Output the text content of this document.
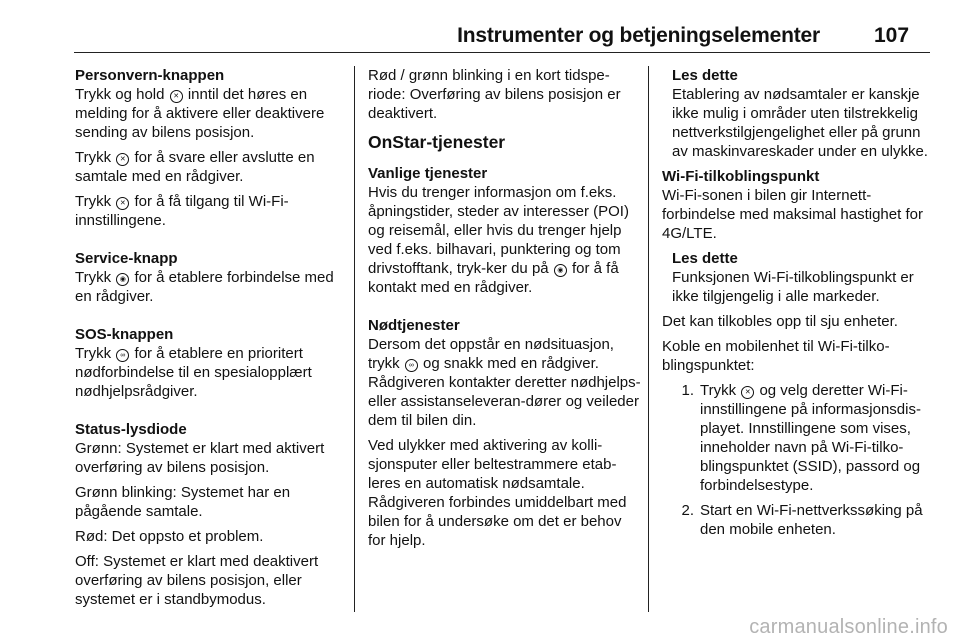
Instrumenter og betjeningselementer	107
Personvern-knappen
Trykk og hold ✕ inntil det høres en melding for å aktivere eller deaktivere sending av bilens posisjon.
Trykk ✕ for å svare eller avslutte en samtale med en rådgiver.
Trykk ✕ for å få tilgang til Wi-Fi-innstillingene.
Service-knapp
Trykk ◉ for å etablere forbindelse med en rådgiver.
SOS-knappen
Trykk ∞ for å etablere en prioritert nødforbindelse til en spesialopplært nødhjelpsrådgiver.
Status-lysdiode
Grønn: Systemet er klart med aktivert overføring av bilens posisjon.
Grønn blinking: Systemet har en pågående samtale.
Rød: Det oppsto et problem.
Off: Systemet er klart med deaktivert overføring av bilens posisjon, eller systemet er i standbymodus.
Rød / grønn blinking i en kort tidspe-riode: Overføring av bilens posisjon er deaktivert.
OnStar-tjenester
Vanlige tjenester
Hvis du trenger informasjon om f.eks. åpningstider, steder av interesser (POI) og reisemål, eller hvis du trenger hjelp ved f.eks. bilhavari, punktering og tom drivstofftank, tryk-ker du på ◉ for å få kontakt med en rådgiver.
Nødtjenester
Dersom det oppstår en nødsituasjon, trykk ∞ og snakk med en rådgiver. Rådgiveren kontakter deretter nødhjelps- eller assistanseleveran-dører og veileder dem til bilen din.
Ved ulykker med aktivering av kolli-sjonsputer eller beltestrammere etab-leres en automatisk nødsamtale. Rådgiveren forbindes umiddelbart med bilen for å undersøke om det er behov for hjelp.
Les dette
Etablering av nødsamtaler er kanskje ikke mulig i områder uten tilstrekkelig nettverkstilgjengelighet eller på grunn av maskinvareskader under en ulykke.
Wi-Fi-tilkoblingspunkt
Wi-Fi-sonen i bilen gir Internett-forbindelse med maksimal hastighet for 4G/LTE.
Les dette
Funksjonen Wi-Fi-tilkoblingspunkt er ikke tilgjengelig i alle markeder.
Det kan tilkobles opp til sju enheter.
Koble en mobilenhet til Wi-Fi-tilko-blingspunktet:
1. Trykk ✕ og velg deretter Wi-Fi-innstillingene på informasjonsdis-playet. Innstillingene som vises, inneholder navn på Wi-Fi-tilko-blingspunktet (SSID), passord og forbindelsestype.
2. Start en Wi-Fi-nettverkssøking på den mobile enheten.
carmanualsonline.info
